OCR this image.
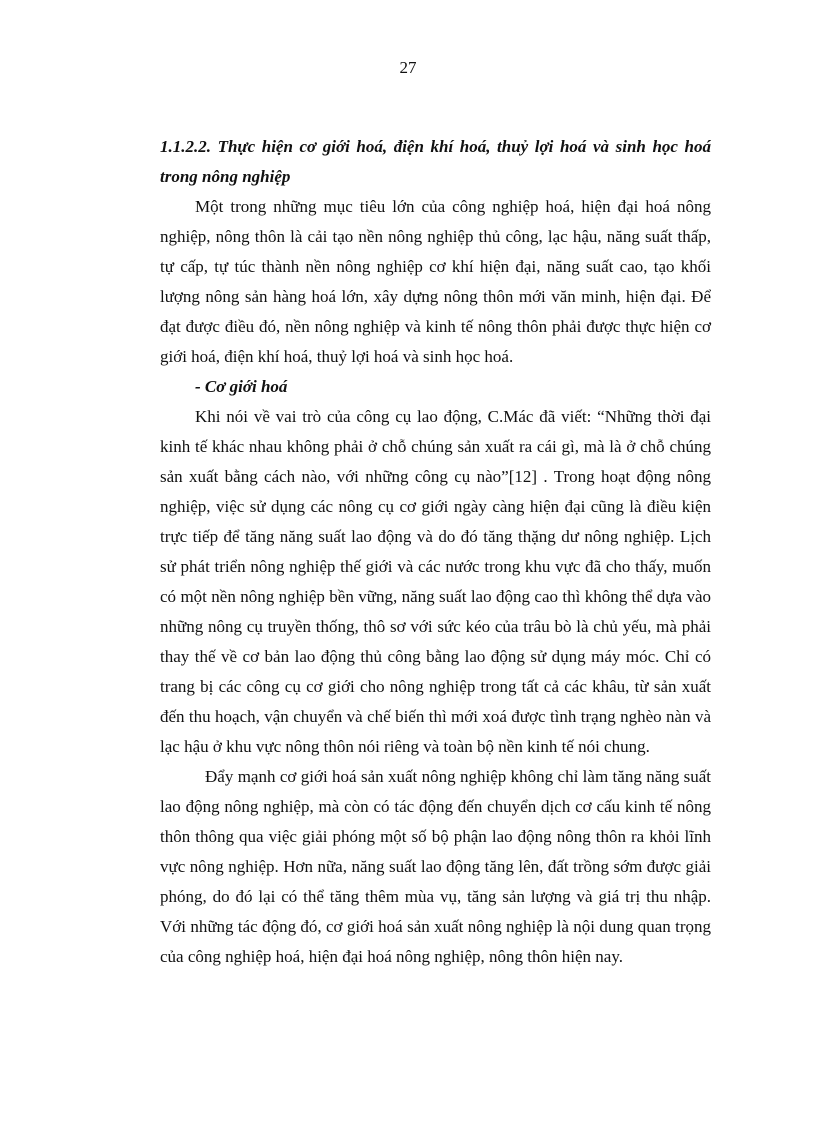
27

1.1.2.2. Thực hiện cơ giới hoá, điện khí hoá, thuỷ lợi hoá và sinh học hoá trong nông nghiệp

Một trong những mục tiêu lớn của công nghiệp hoá, hiện đại hoá nông nghiệp, nông thôn là cải tạo nền nông nghiệp thủ công, lạc hậu, năng suất thấp, tự cấp, tự túc thành nền nông nghiệp cơ khí hiện đại, năng suất cao, tạo khối lượng nông sản hàng hoá lớn, xây dựng nông thôn mới văn minh, hiện đại. Để đạt được điều đó, nền nông nghiệp và kinh tế nông thôn phải được thực hiện cơ giới hoá, điện khí hoá, thuỷ lợi hoá và sinh học hoá.

- Cơ giới hoá

Khi nói về vai trò của công cụ lao động, C.Mác đã viết: “Những thời đại kinh tế khác nhau không phải ở chỗ chúng sản xuất ra cái gì, mà là ở chỗ chúng sản xuất bằng cách nào, với những công cụ nào”[12] . Trong hoạt động nông nghiệp, việc sử dụng các nông cụ cơ giới ngày càng hiện đại cũng là điều kiện trực tiếp để tăng năng suất lao động và do đó tăng thặng dư nông nghiệp. Lịch sử phát triển nông nghiệp thế giới và các nước trong khu vực đã cho thấy, muốn có một nền nông nghiệp bền vững, năng suất lao động cao thì không thể dựa vào những nông cụ truyền thống, thô sơ với sức kéo của trâu bò là chủ yếu, mà phải thay thế về cơ bản lao động thủ công bằng lao động sử dụng máy móc. Chỉ có trang bị các công cụ cơ giới cho nông nghiệp trong tất cả các khâu, từ sản xuất đến thu hoạch, vận chuyển và chế biến thì mới xoá được tình trạng nghèo nàn và lạc hậu ở khu vực nông thôn nói riêng và toàn bộ nền kinh tế nói chung.

Đẩy mạnh cơ giới hoá sản xuất nông nghiệp không chỉ làm tăng năng suất lao động nông nghiệp, mà còn có tác động đến chuyển dịch cơ cấu kinh tế nông thôn thông qua việc giải phóng một số bộ phận lao động nông thôn ra khỏi lĩnh vực nông nghiệp. Hơn nữa, năng suất lao động tăng lên, đất trồng sớm được giải phóng, do đó lại có thể tăng thêm mùa vụ, tăng sản lượng và giá trị thu nhập. Với những tác động đó, cơ giới hoá sản xuất nông nghiệp là nội dung quan trọng của công nghiệp hoá, hiện đại hoá nông nghiệp, nông thôn hiện nay.
